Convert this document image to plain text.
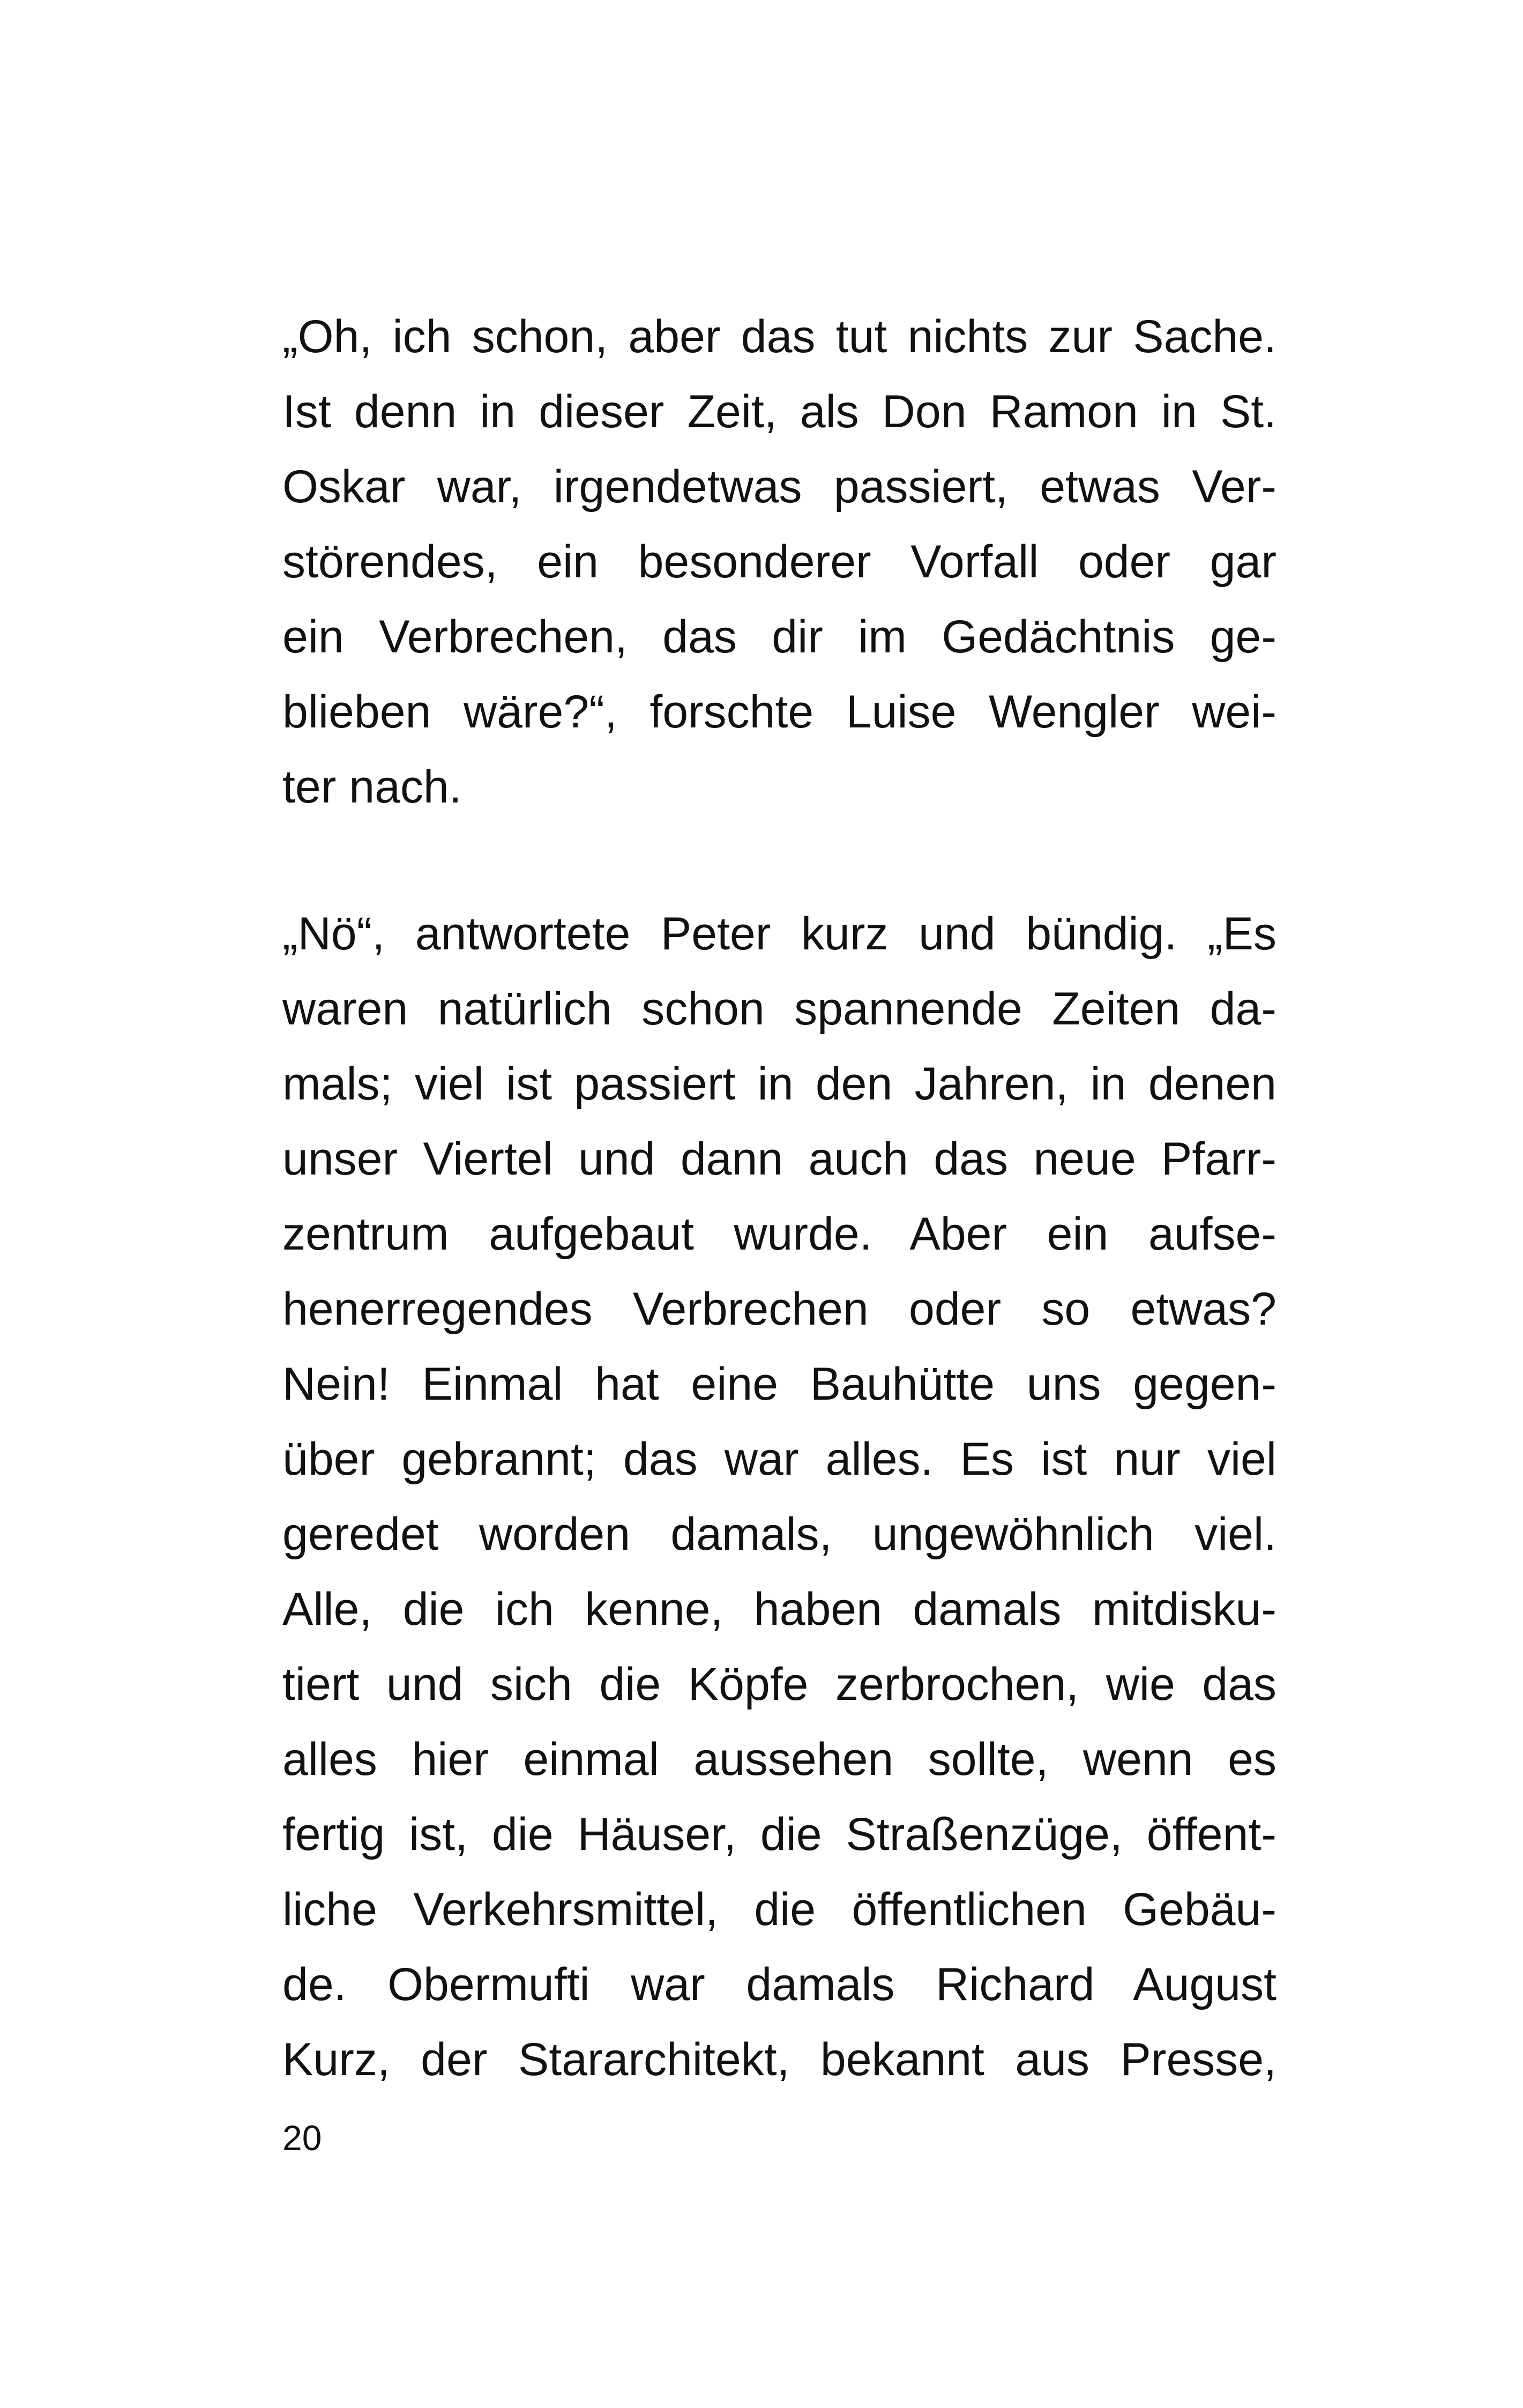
„Oh, ich schon, aber das tut nichts zur Sache.
Ist denn in dieser Zeit, als Don Ramon in St.
Oskar war, irgendetwas passiert, etwas Ver-
störendes, ein besonderer Vorfall oder gar
ein Verbrechen, das dir im Gedächtnis ge-
blieben wäre?“, forschte Luise Wengler wei-
ter nach.
„Nö“, antwortete Peter kurz und bündig. „Es
waren natürlich schon spannende Zeiten da-
mals; viel ist passiert in den Jahren, in denen
unser Viertel und dann auch das neue Pfarr-
zentrum aufgebaut wurde. Aber ein aufse-
henerregendes Verbrechen oder so etwas?
Nein! Einmal hat eine Bauhütte uns gegen-
über gebrannt; das war alles. Es ist nur viel
geredet worden damals, ungewöhnlich viel.
Alle, die ich kenne, haben damals mitdisku-
tiert und sich die Köpfe zerbrochen, wie das
alles hier einmal aussehen sollte, wenn es
fertig ist, die Häuser, die Straßenzüge, öffent-
liche Verkehrsmittel, die öffentlichen Gebäu-
de. Obermufti war damals Richard August
Kurz, der Stararchitekt, bekannt aus Presse,
20
